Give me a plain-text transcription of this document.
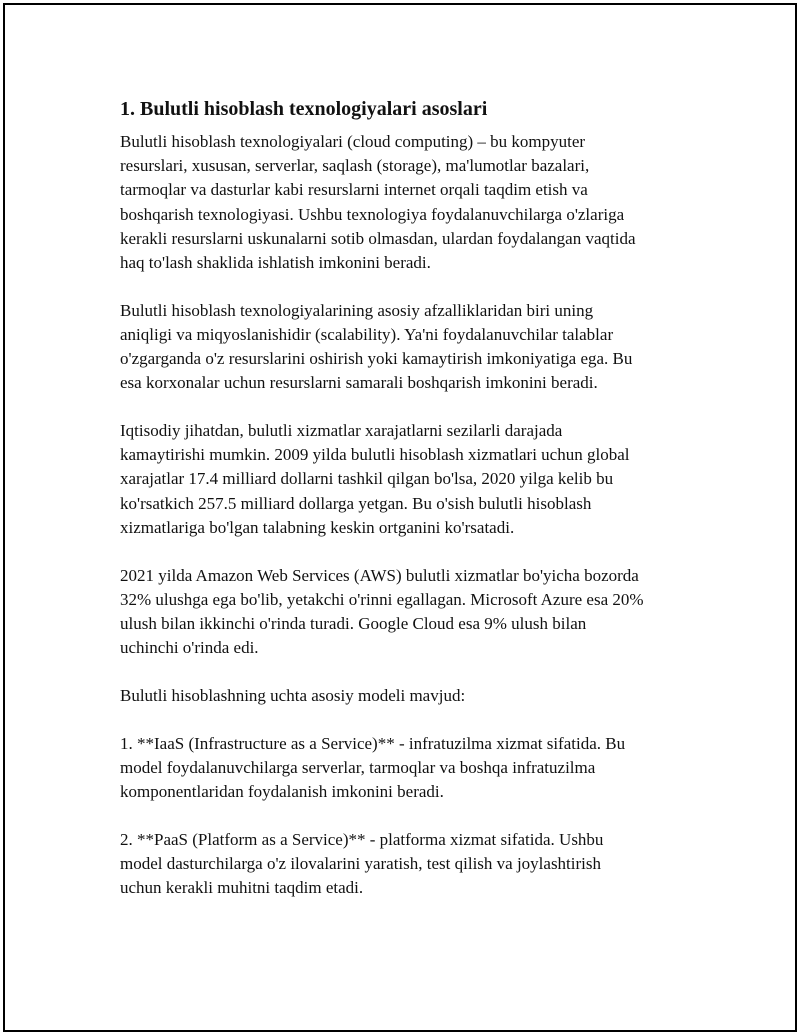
1. Bulutli hisoblash texnologiyalari asoslari

Bulutli hisoblash texnologiyalari (cloud computing) – bu kompyuter
resurslari, xususan, serverlar, saqlash (storage), ma'lumotlar bazalari,
tarmoqlar va dasturlar kabi resurslarni internet orqali taqdim etish va
boshqarish texnologiyasi. Ushbu texnologiya foydalanuvchilarga o'zlariga
kerakli resurslarni uskunalarni sotib olmasdan, ulardan foydalangan vaqtida
haq to'lash shaklida ishlatish imkonini beradi.

Bulutli hisoblash texnologiyalarining asosiy afzalliklaridan biri uning
aniqligi va miqyoslanishidir (scalability). Ya'ni foydalanuvchilar talablar
o'zgarganda o'z resurslarini oshirish yoki kamaytirish imkoniyatiga ega. Bu
esa korxonalar uchun resurslarni samarali boshqarish imkonini beradi.

Iqtisodiy jihatdan, bulutli xizmatlar xarajatlarni sezilarli darajada
kamaytirishi mumkin. 2009 yilda bulutli hisoblash xizmatlari uchun global
xarajatlar 17.4 milliard dollarni tashkil qilgan bo'lsa, 2020 yilga kelib bu
ko'rsatkich 257.5 milliard dollarga yetgan. Bu o'sish bulutli hisoblash
xizmatlariga bo'lgan talabning keskin ortganini ko'rsatadi.

2021 yilda Amazon Web Services (AWS) bulutli xizmatlar bo'yicha bozorda
32% ulushga ega bo'lib, yetakchi o'rinni egallagan. Microsoft Azure esa 20%
ulush bilan ikkinchi o'rinda turadi. Google Cloud esa 9% ulush bilan
uchinchi o'rinda edi.

Bulutli hisoblashning uchta asosiy modeli mavjud:

1. **IaaS (Infrastructure as a Service)** - infratuzilma xizmat sifatida. Bu
model foydalanuvchilarga serverlar, tarmoqlar va boshqa infratuzilma
komponentlaridan foydalanish imkonini beradi.

2. **PaaS (Platform as a Service)** - platforma xizmat sifatida. Ushbu
model dasturchilarga o'z ilovalarini yaratish, test qilish va joylashtirish
uchun kerakli muhitni taqdim etadi.
